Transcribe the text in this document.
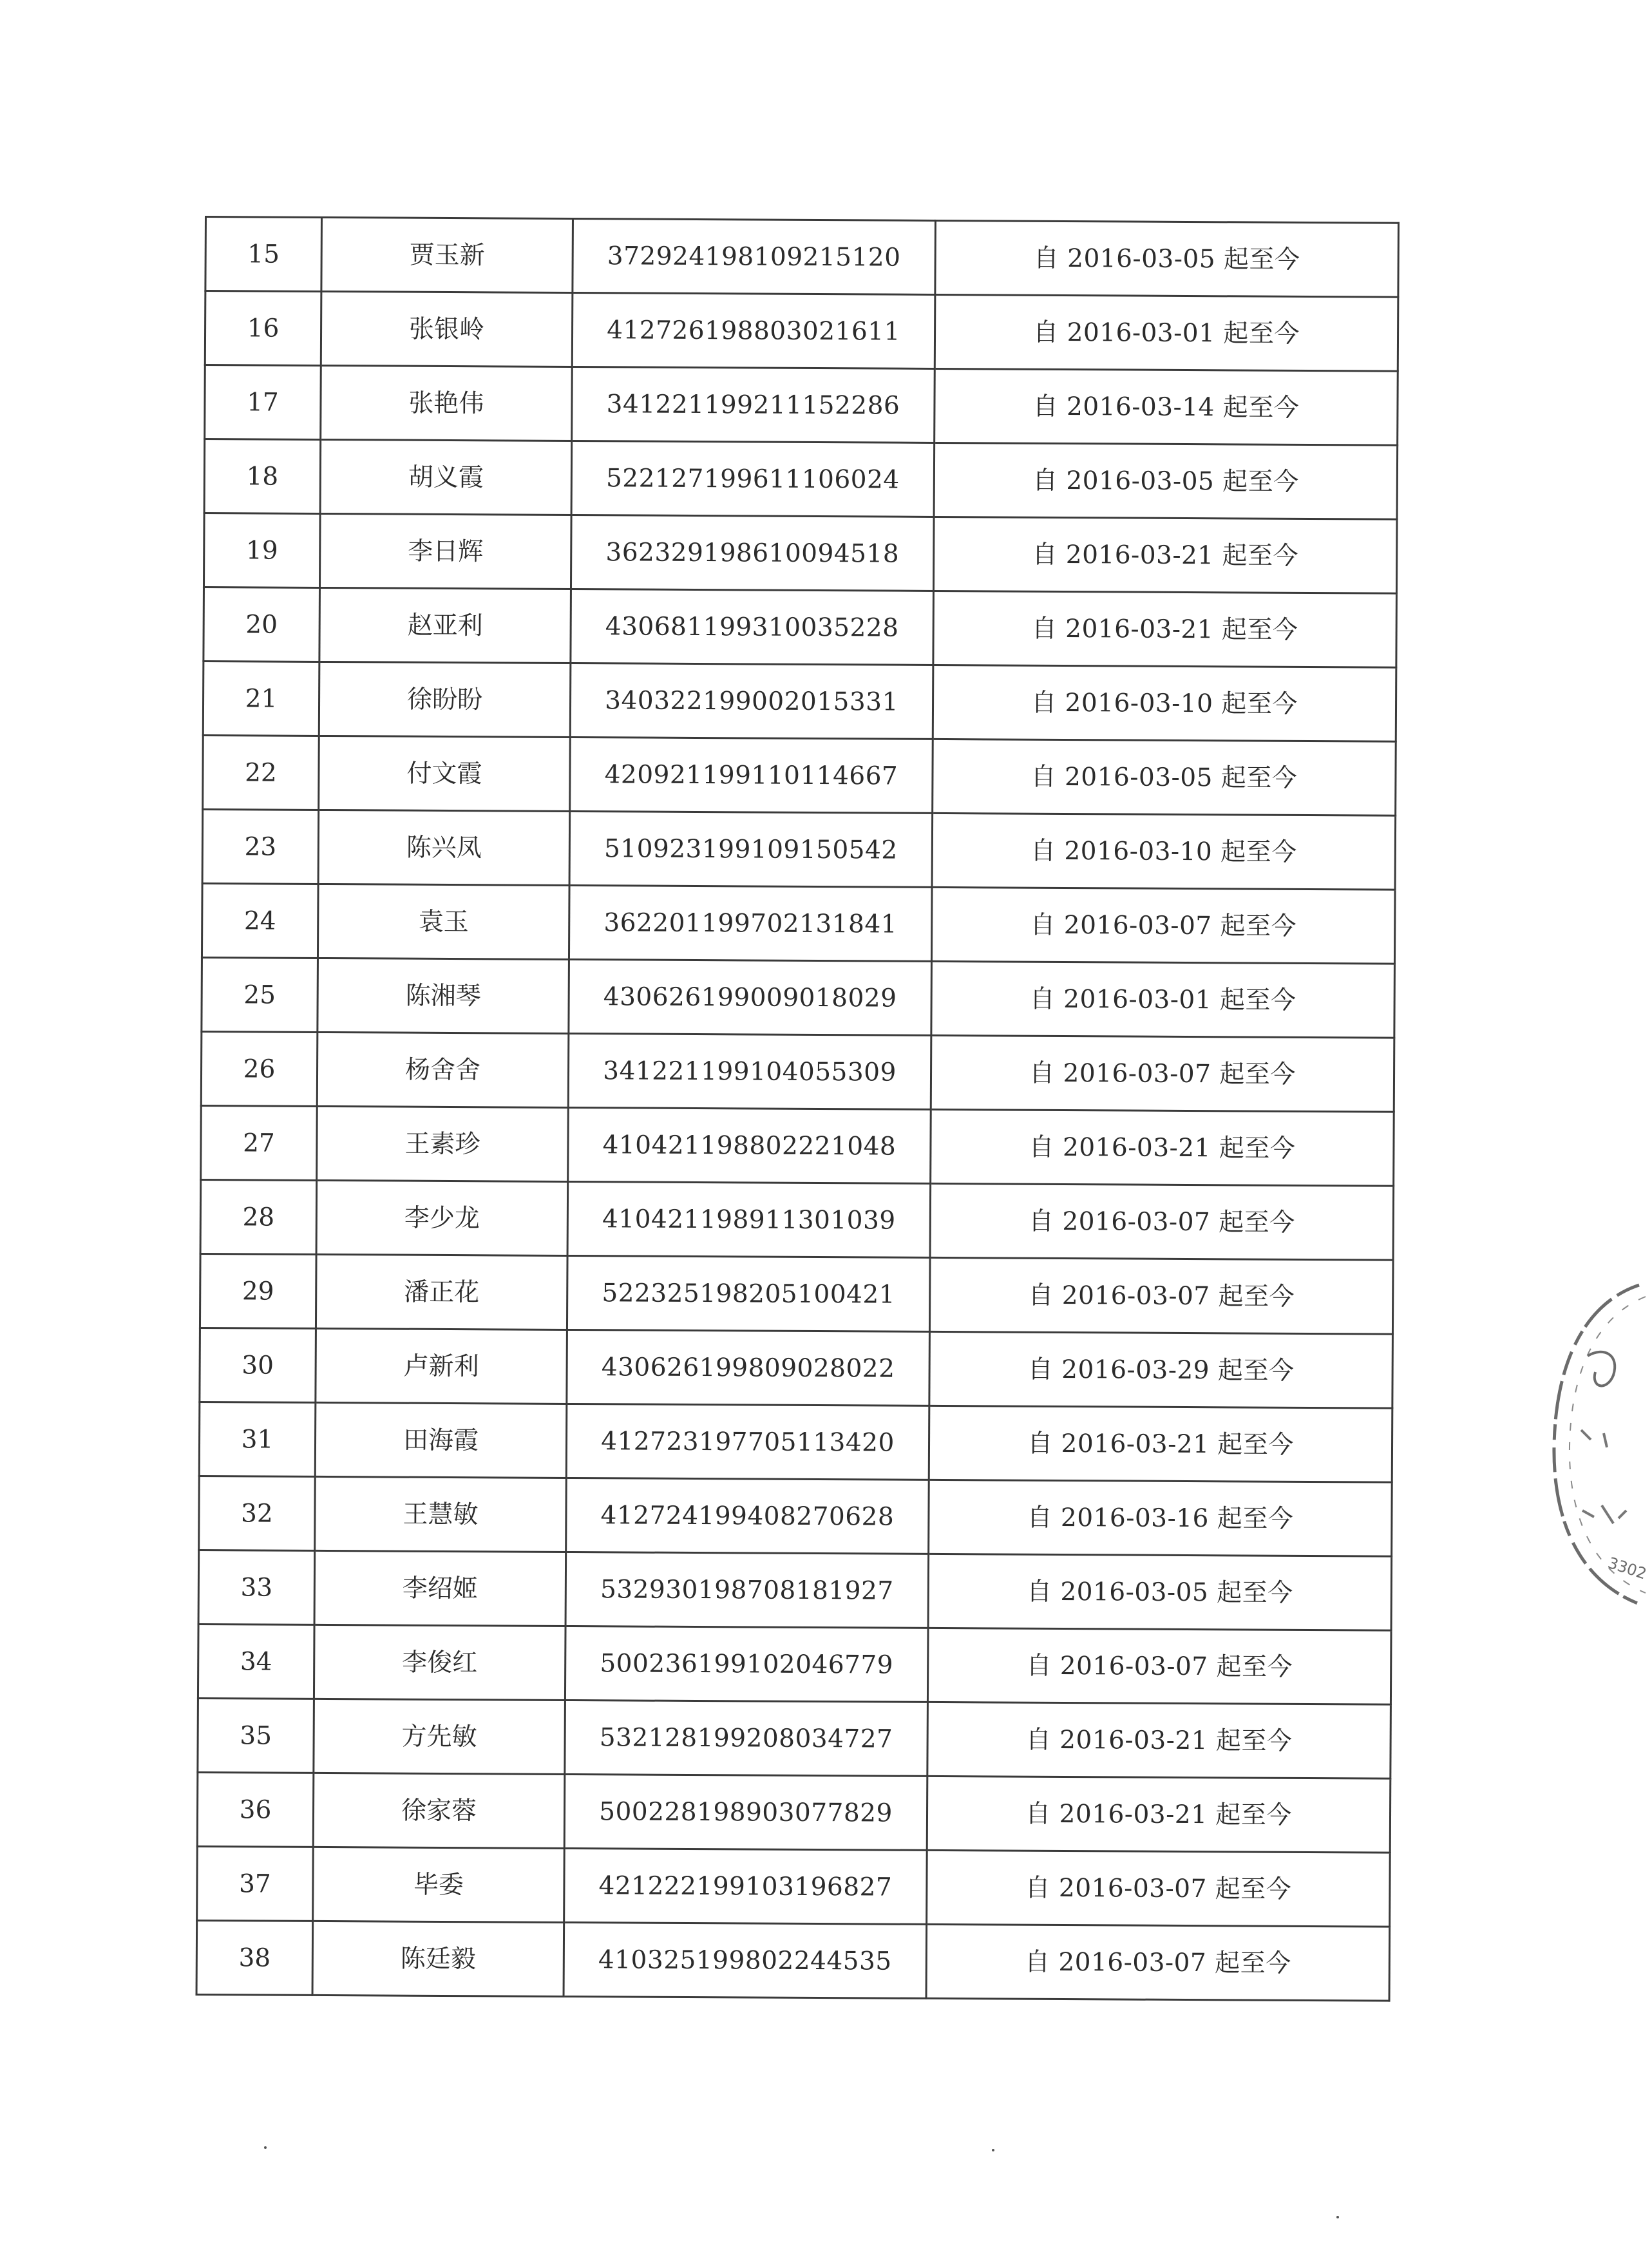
15	贾玉新	372924198109215120	自 2016-03-05 起至今
16	张银岭	412726198803021611	自 2016-03-01 起至今
17	张艳伟	341221199211152286	自 2016-03-14 起至今
18	胡义霞	522127199611106024	自 2016-03-05 起至今
19	李日辉	362329198610094518	自 2016-03-21 起至今
20	赵亚利	430681199310035228	自 2016-03-21 起至今
21	徐盼盼	340322199002015331	自 2016-03-10 起至今
22	付文霞	420921199110114667	自 2016-03-05 起至今
23	陈兴凤	510923199109150542	自 2016-03-10 起至今
24	袁玉	362201199702131841	自 2016-03-07 起至今
25	陈湘琴	430626199009018029	自 2016-03-01 起至今
26	杨舍舍	341221199104055309	自 2016-03-07 起至今
27	王素珍	410421198802221048	自 2016-03-21 起至今
28	李少龙	410421198911301039	自 2016-03-07 起至今
29	潘正花	522325198205100421	自 2016-03-07 起至今
30	卢新利	430626199809028022	自 2016-03-29 起至今
31	田海霞	412723197705113420	自 2016-03-21 起至今
32	王慧敏	412724199408270628	自 2016-03-16 起至今
33	李绍姬	532930198708181927	自 2016-03-05 起至今
34	李俊红	500236199102046779	自 2016-03-07 起至今
35	方先敏	532128199208034727	自 2016-03-21 起至今
36	徐家蓉	500228198903077829	自 2016-03-21 起至今
37	毕委	421222199103196827	自 2016-03-07 起至今
38	陈廷毅	410325199802244535	自 2016-03-07 起至今
3302
